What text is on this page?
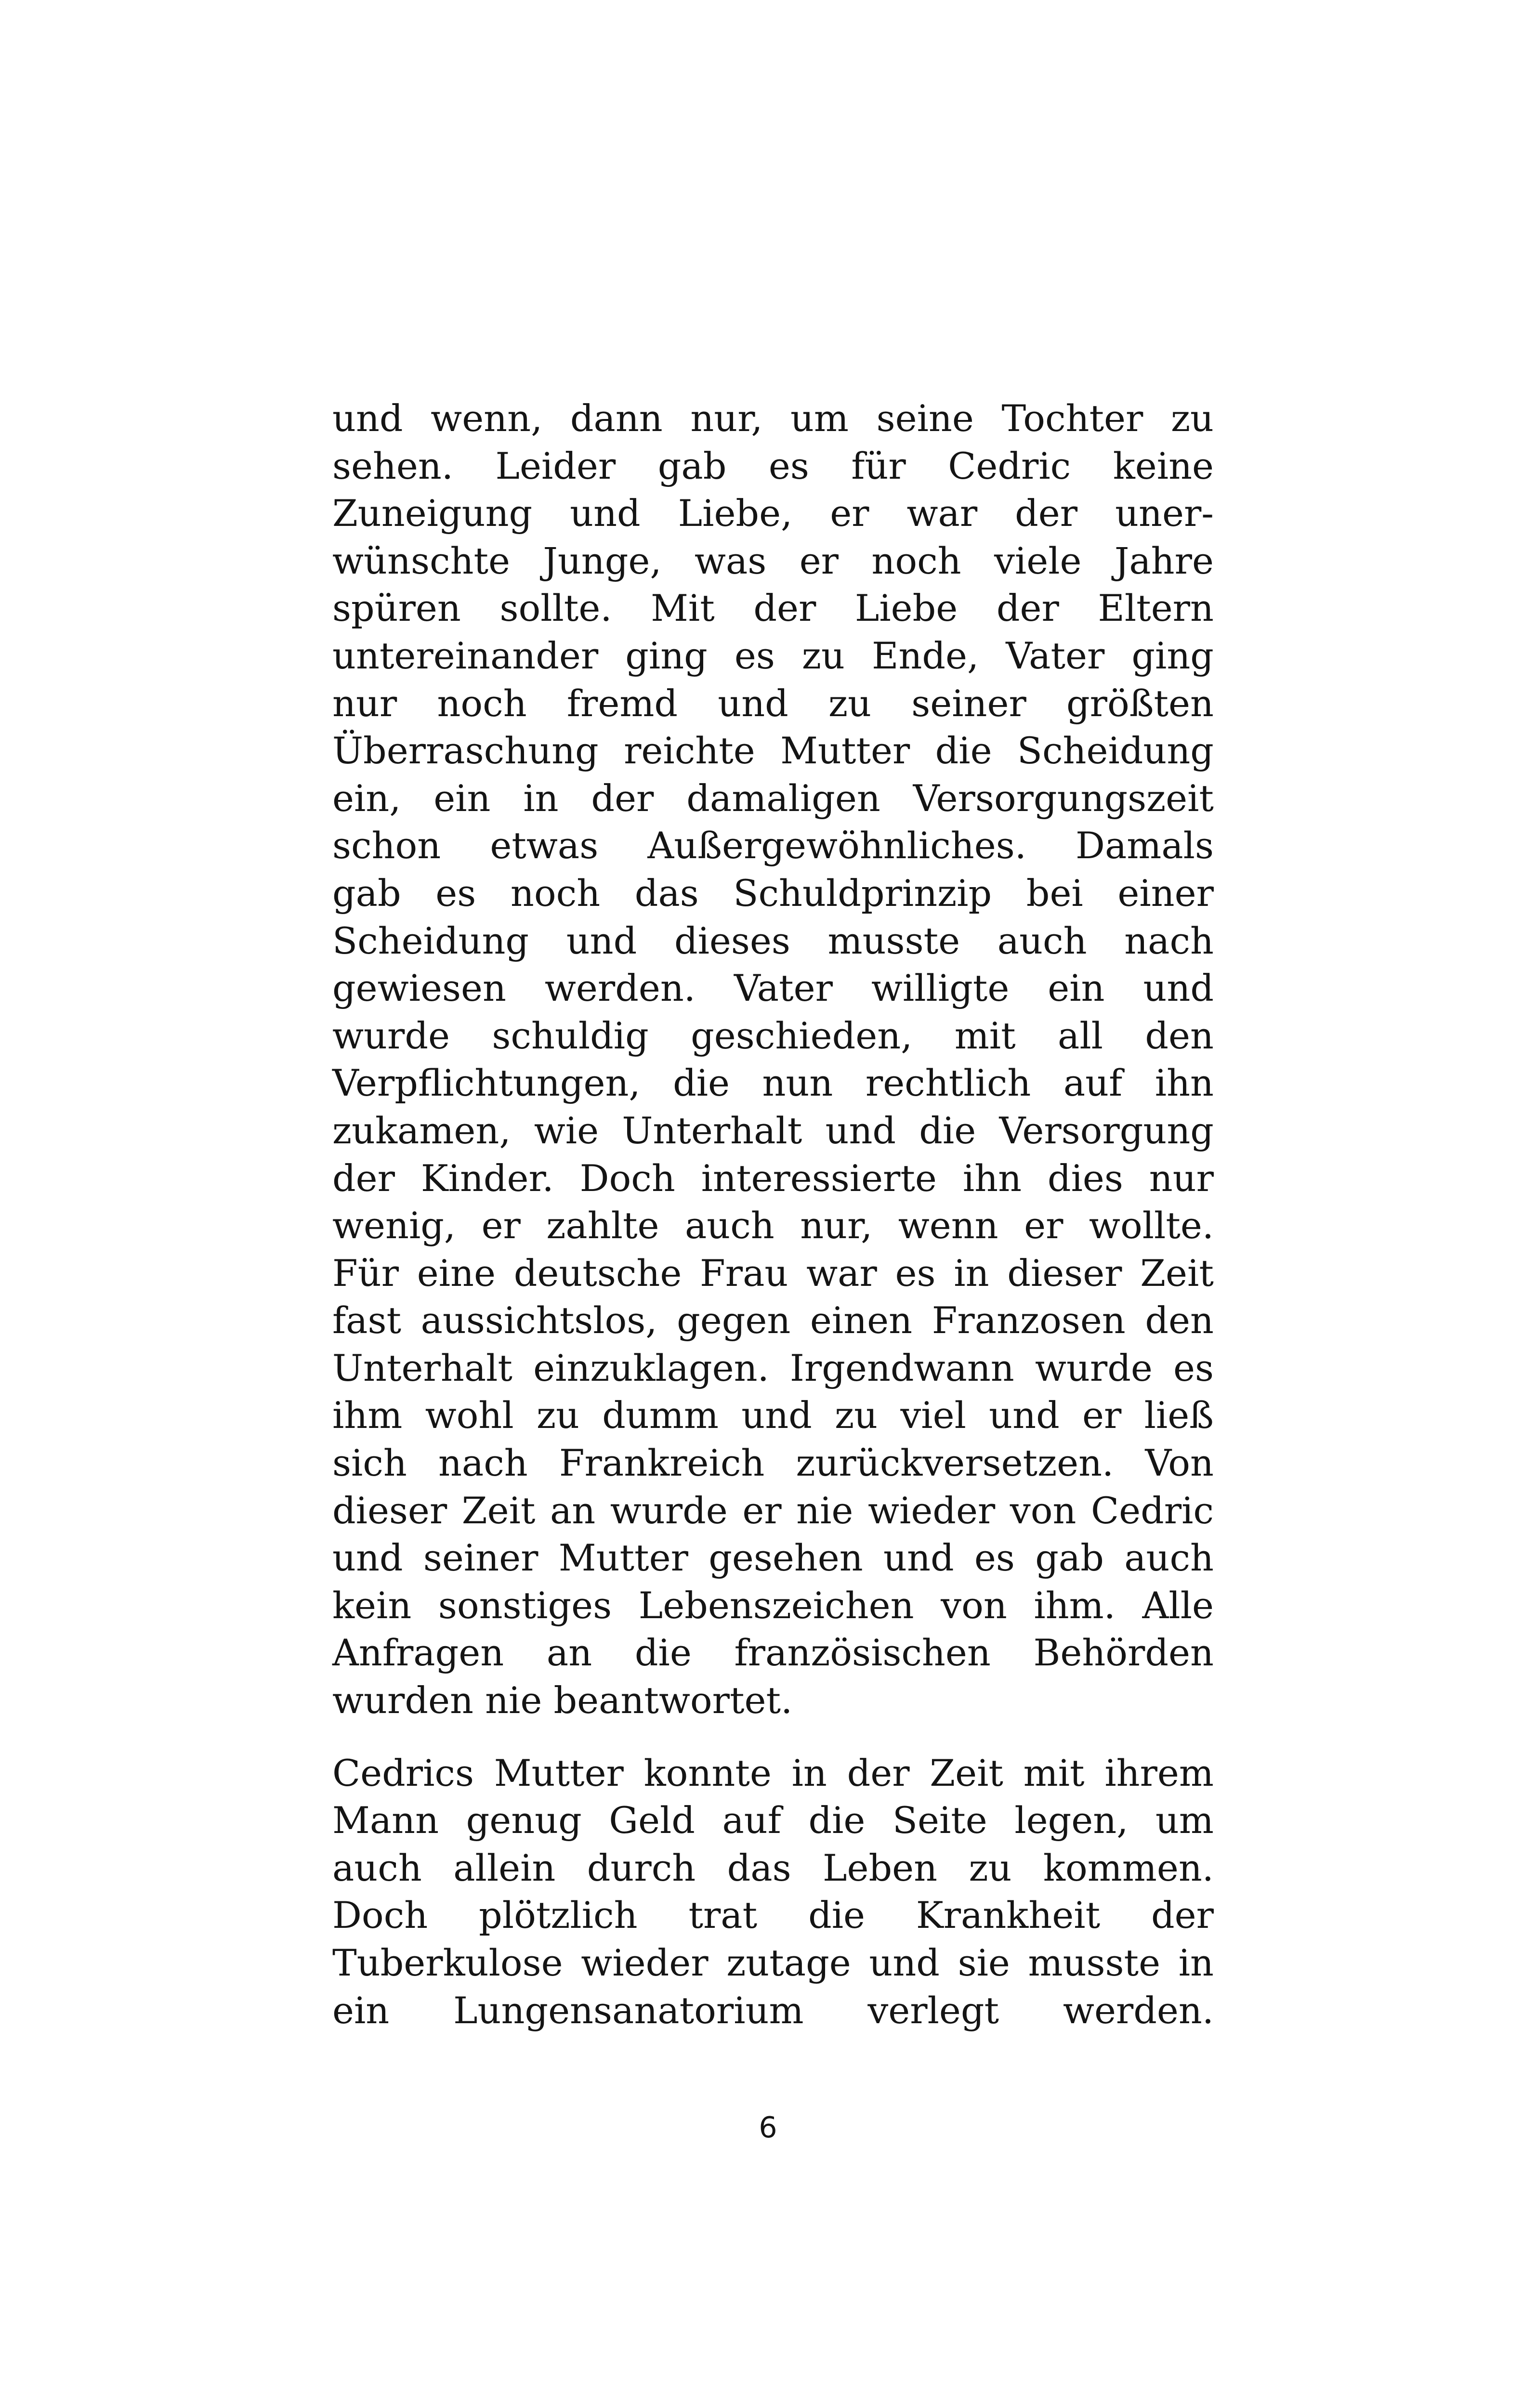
und wenn, dann nur, um seine Tochter zu
sehen. Leider gab es für Cedric keine
Zuneigung und Liebe, er war der uner-
wünschte Junge, was er noch viele Jahre
spüren sollte. Mit der Liebe der Eltern
untereinander ging es zu Ende, Vater ging
nur noch fremd und zu seiner größten
Überraschung reichte Mutter die Scheidung
ein, ein in der damaligen Versorgungszeit
schon etwas Außergewöhnliches. Damals
gab es noch das Schuldprinzip bei einer
Scheidung und dieses musste auch nach
gewiesen werden. Vater willigte ein und
wurde schuldig geschieden, mit all den
Verpflichtungen, die nun rechtlich auf ihn
zukamen, wie Unterhalt und die Versorgung
der Kinder. Doch interessierte ihn dies nur
wenig, er zahlte auch nur, wenn er wollte.
Für eine deutsche Frau war es in dieser Zeit
fast aussichtslos, gegen einen Franzosen den
Unterhalt einzuklagen. Irgendwann wurde es
ihm wohl zu dumm und zu viel und er ließ
sich nach Frankreich zurückversetzen. Von
dieser Zeit an wurde er nie wieder von Cedric
und seiner Mutter gesehen und es gab auch
kein sonstiges Lebenszeichen von ihm. Alle
Anfragen an die französischen Behörden
wurden nie beantwortet.
Cedrics Mutter konnte in der Zeit mit ihrem
Mann genug Geld auf die Seite legen, um
auch allein durch das Leben zu kommen.
Doch plötzlich trat die Krankheit der
Tuberkulose wieder zutage und sie musste in
ein Lungensanatorium verlegt werden.
6
